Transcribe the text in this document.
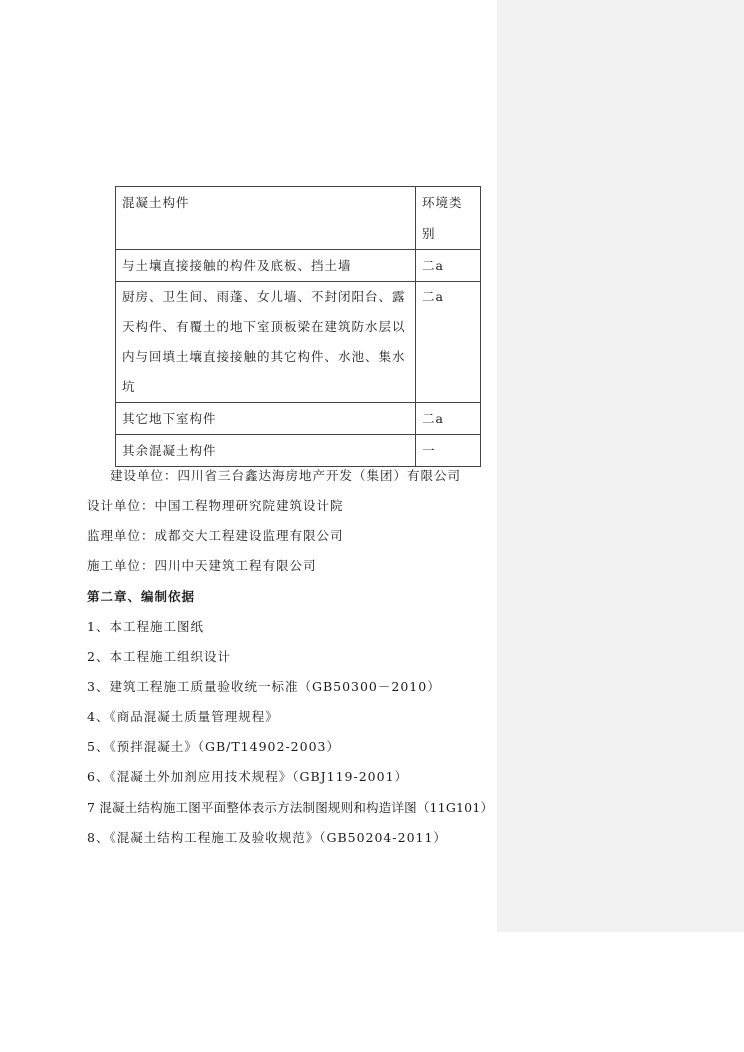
混凝土构件	环境类别
与土壤直接接触的构件及底板、挡土墙	二a
厨房、卫生间、雨蓬、女儿墙、不封闭阳台、露天构件、有覆土的地下室顶板梁在建筑防水层以内与回填土壤直接接触的其它构件、水池、集水坑	二a
其它地下室构件	二a
其余混凝土构件	一
建设单位：四川省三台鑫达海房地产开发（集团）有限公司
设计单位：中国工程物理研究院建筑设计院
监理单位：成都交大工程建设监理有限公司
施工单位：四川中天建筑工程有限公司
第二章、编制依据
1、本工程施工图纸
2、本工程施工组织设计
3、建筑工程施工质量验收统一标准（GB50300－2010）
4、《商品混凝土质量管理规程》
5、《预拌混凝土》（GB/T14902-2003）
6、《混凝土外加剂应用技术规程》（GBJ119-2001）
7 混凝土结构施工图平面整体表示方法制图规则和构造详图（11G101）
8、《混凝土结构工程施工及验收规范》（GB50204-2011）
